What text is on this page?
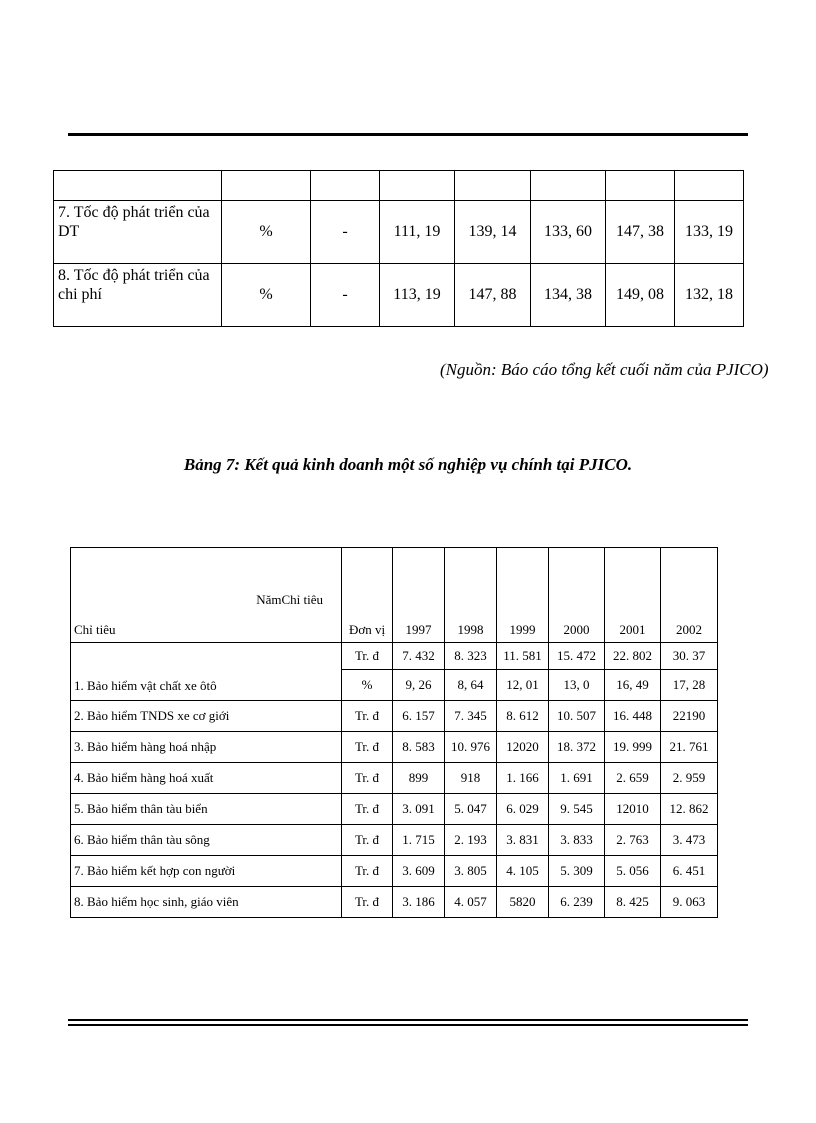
7. Tốc độ phát triển của DT	%	-	111, 19	139, 14	133, 60	147, 38	133, 19
8. Tốc độ phát triển của chi phí	%	-	113, 19	147, 88	134, 38	149, 08	132, 18
(Nguồn: Báo cáo tổng kết cuối năm của PJICO)
Bảng 7: Kết quả kinh doanh một số nghiệp vụ chính tại PJICO.
NămChỉ tiêu
Chỉ tiêu	Đơn vị	1997	1998	1999	2000	2001	2002
1. Bảo hiểm vật chất xe ôtô	Tr. đ	7. 432	8. 323	11. 581	15. 472	22. 802	30. 37
	%	9, 26	8, 64	12, 01	13, 0	16, 49	17, 28
2. Bảo hiểm TNDS xe cơ giới	Tr. đ	6. 157	7. 345	8. 612	10. 507	16. 448	22190
3. Bảo hiểm hàng hoá nhập	Tr. đ	8. 583	10. 976	12020	18. 372	19. 999	21. 761
4. Bảo hiểm hàng hoá xuất	Tr. đ	899	918	1. 166	1. 691	2. 659	2. 959
5. Bảo hiểm thân tàu biển	Tr. đ	3. 091	5. 047	6. 029	9. 545	12010	12. 862
6. Bảo hiểm thân tàu sông	Tr. đ	1. 715	2. 193	3. 831	3. 833	2. 763	3. 473
7. Bảo hiểm kết hợp con người	Tr. đ	3. 609	3. 805	4. 105	5. 309	5. 056	6. 451
8. Bảo hiểm học sinh, giáo viên	Tr. đ	3. 186	4. 057	5820	6. 239	8. 425	9. 063
